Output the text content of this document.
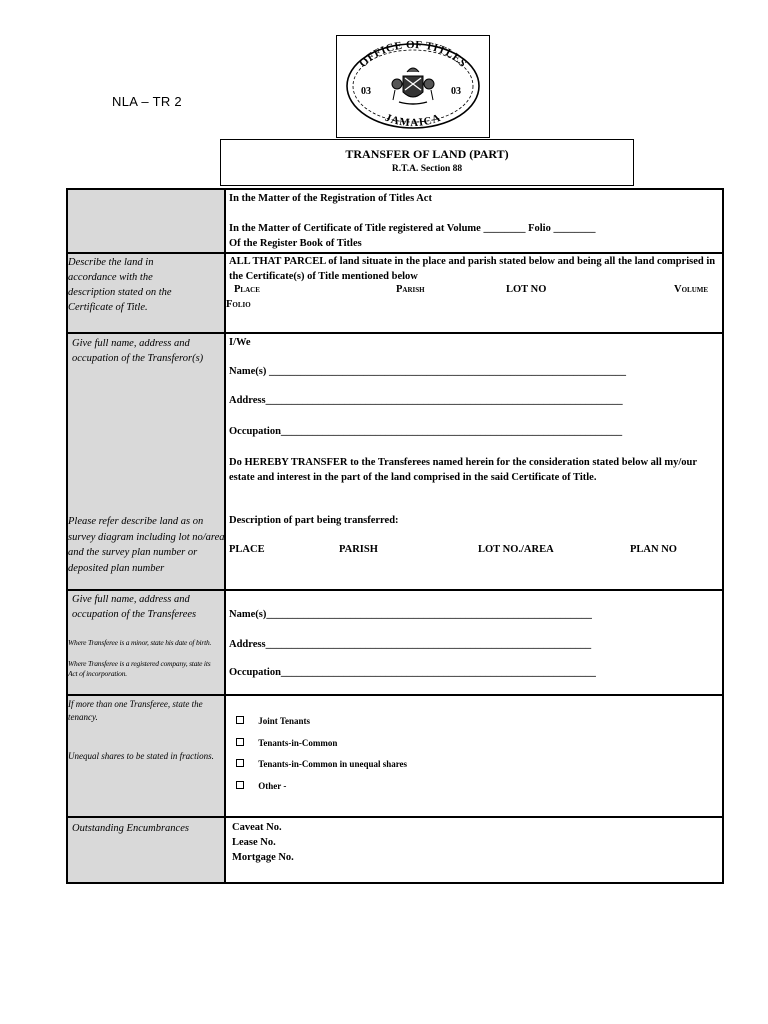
NLA – TR 2
OFFICE OF TITLES
JAMAICA
03	03
TRANSFER OF LAND (PART)
R.T.A. Section 88
In the Matter of the Registration of Titles Act
In the Matter of Certificate of Title registered at Volume ________ Folio ________
Of the Register Book of Titles
Describe the land in accordance with the description stated on the Certificate of Title.
ALL THAT PARCEL of land situate in the place and parish stated below and being all the land comprised in the Certificate(s) of Title mentioned below
Place	Parish	LOT NO	Volume
Folio
Give full name, address and occupation of the Transferor(s)
Please refer describe land as on survey diagram including lot no/area and the survey plan number or deposited plan number
I/We
Name(s) ____________________________________________________________________
Address____________________________________________________________________
Occupation_________________________________________________________________
Do HEREBY TRANSFER to the Transferees named herein for the consideration stated below all my/our estate and interest in the part of the land comprised in the said Certificate of Title.
Description of part being transferred:
PLACE	PARISH	LOT NO./AREA	PLAN NO
Give full name, address and occupation of the Transferees
Where Transferee is a minor, state his date of birth.
Where Transferee is a registered company, state its Act of incorporation.
Name(s)______________________________________________________________
Address______________________________________________________________
Occupation____________________________________________________________
If more than one Transferee, state the tenancy.
Unequal shares to be stated in fractions.
Joint Tenants
Tenants-in-Common
Tenants-in-Common in unequal shares
Other -
Outstanding Encumbrances	Caveat No.
Lease No.
Mortgage No.
